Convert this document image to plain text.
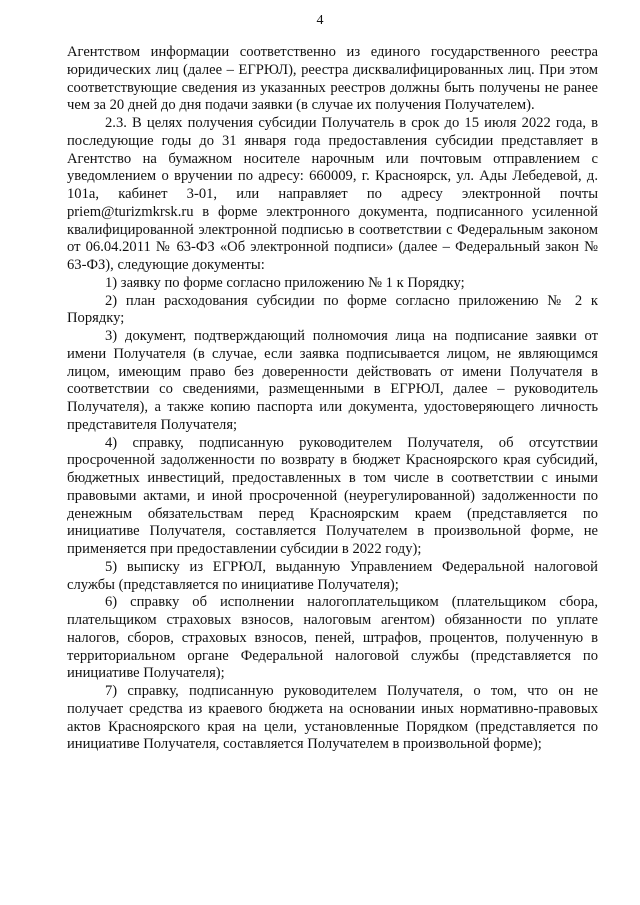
4

Агентством информации соответственно из единого государственного реестра юридических лиц (далее – ЕГРЮЛ), реестра дисквалифицированных лиц. При этом соответствующие сведения из указанных реестров должны быть получены не ранее чем за 20 дней до дня подачи заявки (в случае их получения Получателем).

2.3. В целях получения субсидии Получатель в срок до 15 июля 2022 года, в последующие годы до 31 января года предоставления субсидии представляет в Агентство на бумажном носителе нарочным или почтовым отправлением с уведомлением о вручении по адресу: 660009, г. Красноярск, ул. Ады Лебедевой, д. 101а, кабинет 3-01, или направляет по адресу электронной почты priem@turizmkrsk.ru в форме электронного документа, подписанного усиленной квалифицированной электронной подписью в соответствии с Федеральным законом от 06.04.2011 № 63-ФЗ «Об электронной подписи» (далее – Федеральный закон № 63-ФЗ), следующие документы:

1) заявку по форме согласно приложению № 1 к Порядку;

2) план расходования субсидии по форме согласно приложению № 2 к Порядку;

3) документ, подтверждающий полномочия лица на подписание заявки от имени Получателя (в случае, если заявка подписывается лицом, не являющимся лицом, имеющим право без доверенности действовать от имени Получателя в соответствии со сведениями, размещенными в ЕГРЮЛ, далее – руководитель Получателя), а также копию паспорта или документа, удостоверяющего личность представителя Получателя;

4) справку, подписанную руководителем Получателя, об отсутствии просроченной задолженности по возврату в бюджет Красноярского края субсидий, бюджетных инвестиций, предоставленных в том числе в соответствии с иными правовыми актами, и иной просроченной (неурегулированной) задолженности по денежным обязательствам перед Красноярским краем (представляется по инициативе Получателя, составляется Получателем в произвольной форме, не применяется при предоставлении субсидии в 2022 году);

5) выписку из ЕГРЮЛ, выданную Управлением Федеральной налоговой службы (представляется по инициативе Получателя);

6) справку об исполнении налогоплательщиком (плательщиком сбора, плательщиком страховых взносов, налоговым агентом) обязанности по уплате налогов, сборов, страховых взносов, пеней, штрафов, процентов, полученную в территориальном органе Федеральной налоговой службы (представляется по инициативе Получателя);

7) справку, подписанную руководителем Получателя, о том, что он не получает средства из краевого бюджета на основании иных нормативно-правовых актов Красноярского края на цели, установленные Порядком (представляется по инициативе Получателя, составляется Получателем в произвольной форме);
